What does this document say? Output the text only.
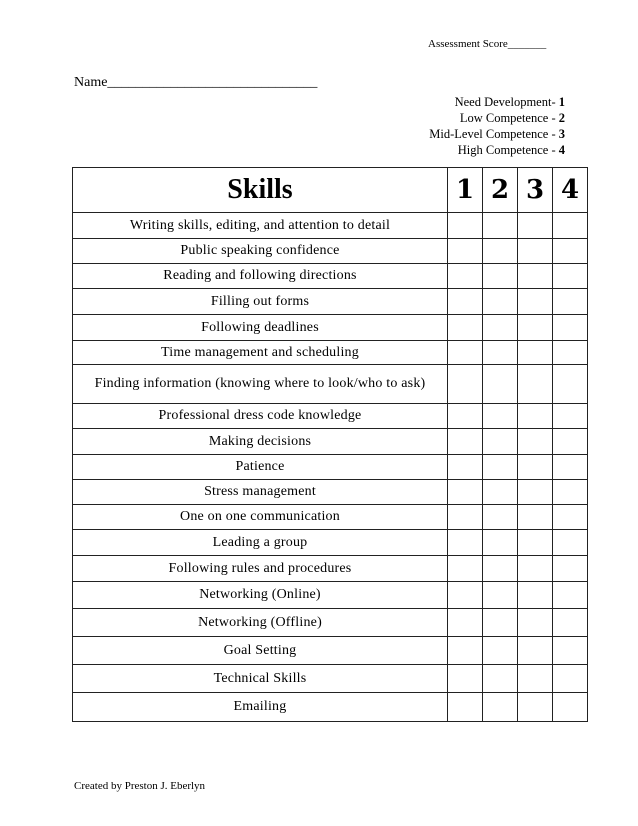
Assessment Score_______
Name______________________________
Need Development- 1
Low Competence - 2
Mid-Level Competence - 3
High Competence - 4
Skills	1	2	3	4
Writing skills, editing, and attention to detail				
Public speaking confidence				
Reading and following directions				
Filling out forms				
Following deadlines				
Time management and scheduling				
Finding information (knowing where to look/who to ask)				
Professional dress code knowledge				
Making decisions				
Patience				
Stress management				
One on one communication				
Leading a group				
Following rules and procedures				
Networking (Online)				
Networking (Offline)				
Goal Setting				
Technical Skills				
Emailing				
Created by Preston J. Eberlyn
